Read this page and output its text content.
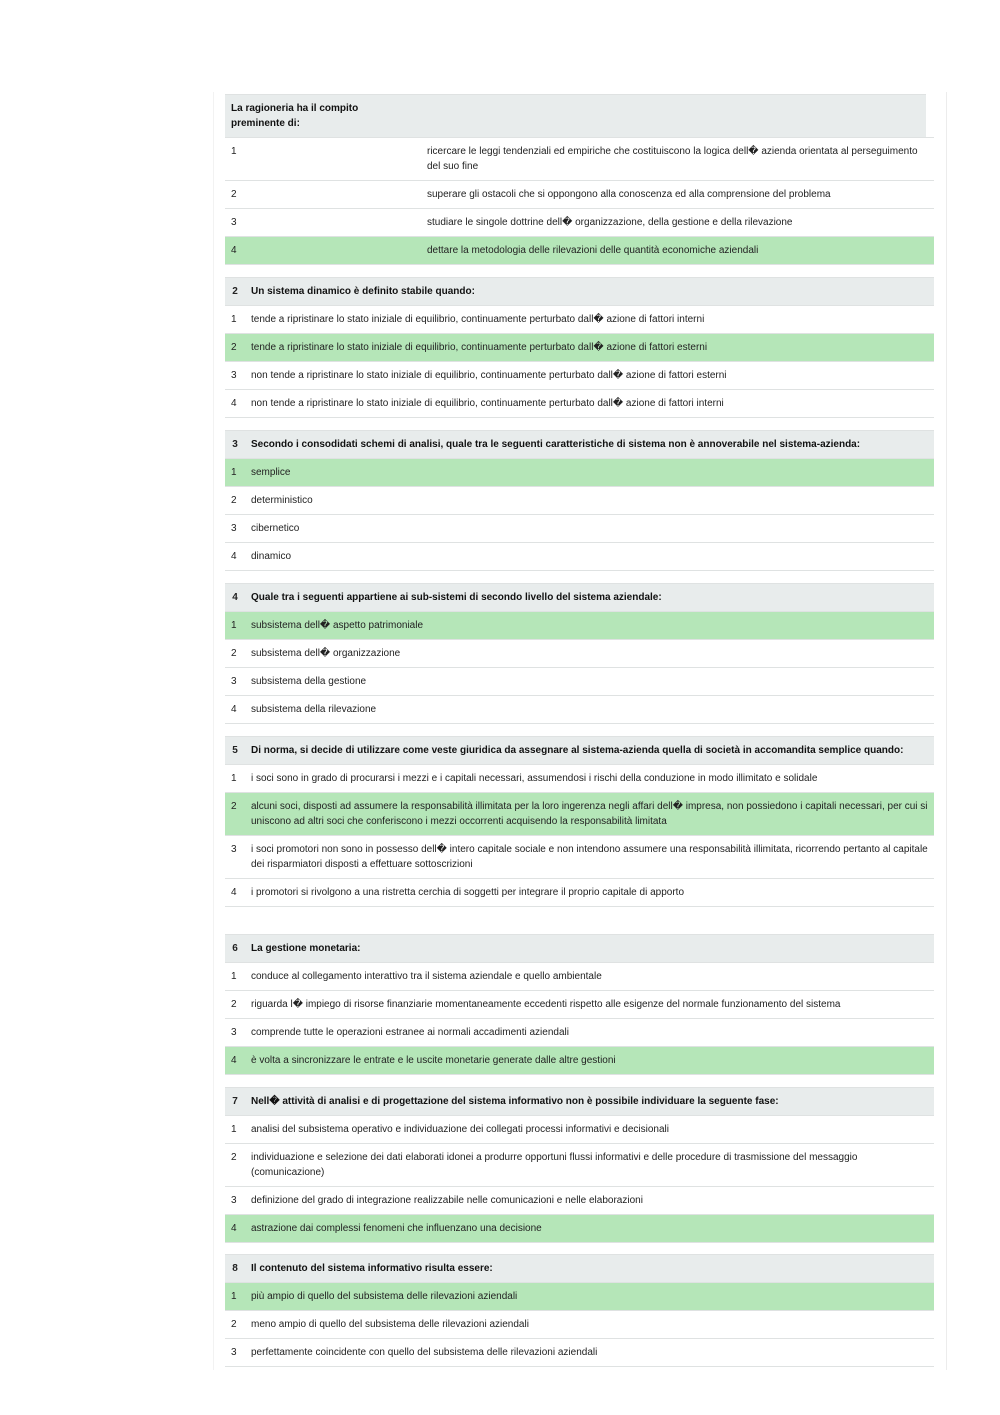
La ragioneria ha il compito preminente di:		
1	ricercare le leggi tendenziali ed empiriche che costituiscono la logica dell� azienda orientata al perseguimento del suo fine	
2	superare gli ostacoli che si oppongono alla conoscenza ed alla comprensione del problema	
3	studiare le singole dottrine dell� organizzazione, della gestione e della rilevazione	
4	dettare la metodologia delle rilevazioni delle quantità economiche aziendali	
2	Un sistema dinamico è definito stabile quando:
1	tende a ripristinare lo stato iniziale di equilibrio, continuamente perturbato dall� azione di fattori interni
2	tende a ripristinare lo stato iniziale di equilibrio, continuamente perturbato dall� azione di fattori esterni
3	non tende a ripristinare lo stato iniziale di equilibrio, continuamente perturbato dall� azione di fattori esterni
4	non tende a ripristinare lo stato iniziale di equilibrio, continuamente perturbato dall� azione di fattori interni
3	Secondo i consodidati schemi di analisi, quale tra le seguenti caratteristiche di sistema non è annoverabile nel sistema-azienda:
1	semplice
2	deterministico
3	cibernetico
4	dinamico
4	Quale tra i seguenti appartiene ai sub-sistemi di secondo livello del sistema aziendale:
1	subsistema dell� aspetto patrimoniale
2	subsistema dell� organizzazione
3	subsistema della gestione
4	subsistema della rilevazione
5	Di norma, si decide di utilizzare come veste giuridica da assegnare al sistema-azienda quella di società in accomandita semplice quando:
1	i soci sono in grado di procurarsi i mezzi e i capitali necessari, assumendosi i rischi della conduzione in modo illimitato e solidale
2	alcuni soci, disposti ad assumere la responsabilità illimitata per la loro ingerenza negli affari dell� impresa, non possiedono i capitali necessari, per cui si uniscono ad altri soci che conferiscono i mezzi occorrenti acquisendo la responsabilità limitata
3	i soci promotori non sono in possesso dell� intero capitale sociale e non intendono assumere una responsabilità illimitata, ricorrendo pertanto al capitale dei risparmiatori disposti a effettuare sottoscrizioni
4	i promotori si rivolgono a una ristretta cerchia di soggetti per integrare il proprio capitale di apporto
6	La gestione monetaria:
1	conduce al collegamento interattivo tra il sistema aziendale e quello ambientale
2	riguarda l� impiego di risorse finanziarie momentaneamente eccedenti rispetto alle esigenze del normale funzionamento del sistema
3	comprende tutte le operazioni estranee ai normali accadimenti aziendali
4	è volta a sincronizzare le entrate e le uscite monetarie generate dalle altre gestioni
7	Nell� attività di analisi e di progettazione del sistema informativo non è possibile individuare la seguente fase:
1	analisi del subsistema operativo e individuazione dei collegati processi informativi e decisionali
2	individuazione e selezione dei dati elaborati idonei a produrre opportuni flussi informativi e delle procedure di trasmissione del messaggio (comunicazione)
3	definizione del grado di integrazione realizzabile nelle comunicazioni e nelle elaborazioni
4	astrazione dai complessi fenomeni che influenzano una decisione
8	Il contenuto del sistema informativo risulta essere:
1	più ampio di quello del subsistema delle rilevazioni aziendali
2	meno ampio di quello del subsistema delle rilevazioni aziendali
3	perfettamente coincidente con quello del subsistema delle rilevazioni aziendali
